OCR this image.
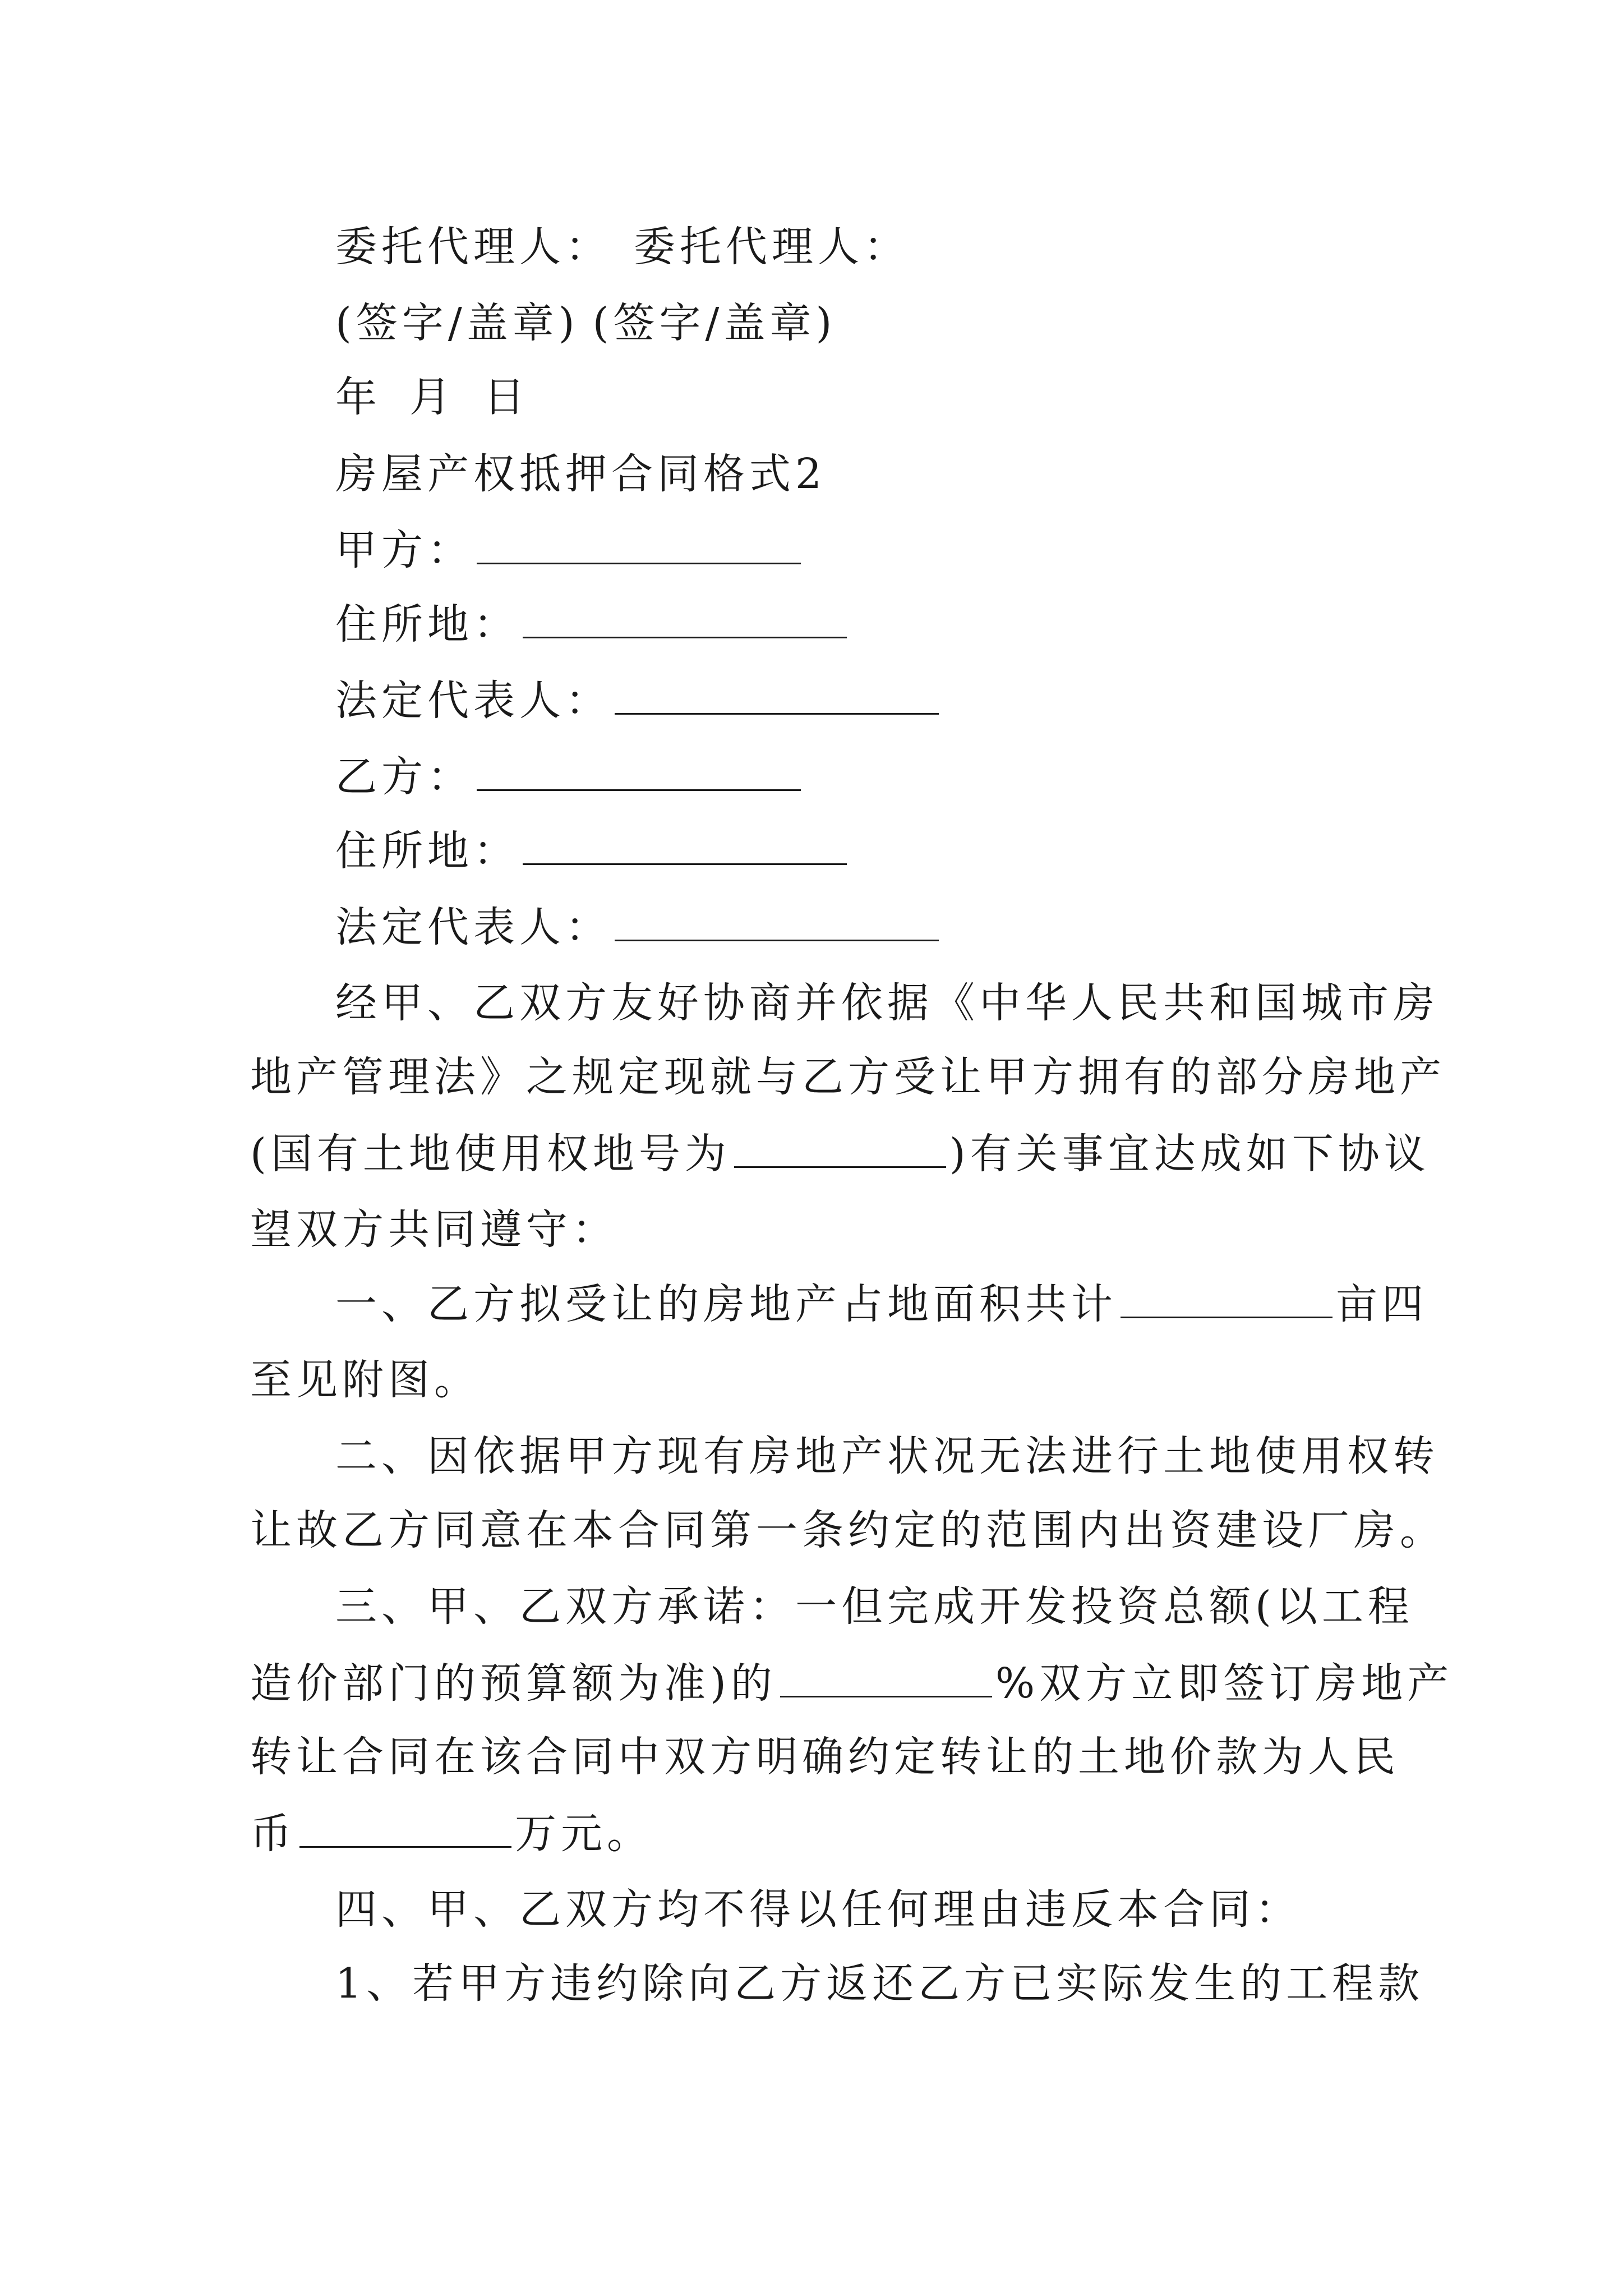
委托代理人： 委托代理人：
(签字/盖章) (签字/盖章)
年 月 日
房屋产权抵押合同格式2
甲方：
住所地：
法定代表人：
乙方：
住所地：
法定代表人：
经甲、乙双方友好协商并依据《中华人民共和国城市房
地产管理法》之规定现就与乙方受让甲方拥有的部分房地产
(国有土地使用权地号为	)有关事宜达成如下协议
望双方共同遵守：
一、乙方拟受让的房地产占地面积共计	亩四
至见附图。
二、因依据甲方现有房地产状况无法进行土地使用权转
让故乙方同意在本合同第一条约定的范围内出资建设厂房。
三、甲、乙双方承诺：一但完成开发投资总额(以工程
造价部门的预算额为准)的	%双方立即签订房地产
转让合同在该合同中双方明确约定转让的土地价款为人民
币	万元。
四、甲、乙双方均不得以任何理由违反本合同：
1、若甲方违约除向乙方返还乙方已实际发生的工程款
